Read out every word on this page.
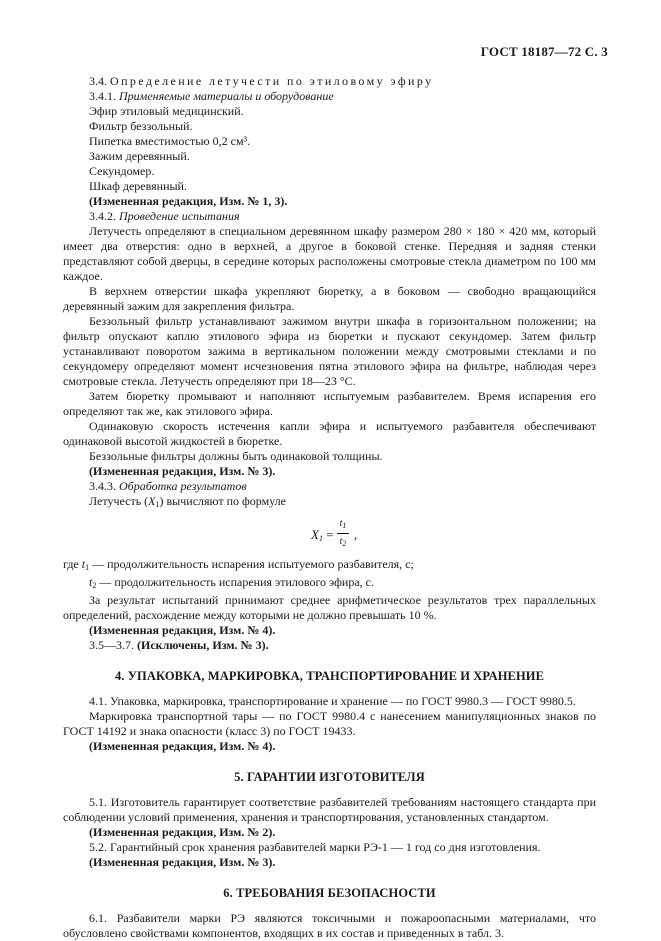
ГОСТ 18187—72 С. 3

3.4. Определение летучести по этиловому эфиру

3.4.1. Применяемые материалы и оборудование

Эфир этиловый медицинский.

Фильтр беззольный.

Пипетка вместимостью 0,2 см³.

Зажим деревянный.

Секундомер.

Шкаф деревянный.

(Измененная редакция, Изм. № 1, 3).

3.4.2. Проведение испытания

Летучесть определяют в специальном деревянном шкафу размером 280 × 180 × 420 мм, который имеет два отверстия: одно в верхней, а другое в боковой стенке. Передняя и задняя стенки представляют собой дверцы, в середине которых расположены смотровые стекла диаметром по 100 мм каждое.

В верхнем отверстии шкафа укрепляют бюретку, а в боковом — свободно вращающийся деревянный зажим для закрепления фильтра.

Беззольный фильтр устанавливают зажимом внутри шкафа в горизонтальном положении; на фильтр опускают каплю этилового эфира из бюретки и пускают секундомер. Затем фильтр устанавливают поворотом зажима в вертикальном положении между смотровыми стеклами и по секундомеру определяют момент исчезновения пятна этилового эфира на фильтре, наблюдая через смотровые стекла. Летучесть определяют при 18—23 °С.

Затем бюретку промывают и наполняют испытуемым разбавителем. Время испарения его определяют так же, как этилового эфира.

Одинаковую скорость истечения капли эфира и испытуемого разбавителя обеспечивают одинаковой высотой жидкостей в бюретке.

Беззольные фильтры должны быть одинаковой толщины.

(Измененная редакция, Изм. № 3).

3.4.3. Обработка результатов

Летучесть $(X_1)$ вычисляют по формуле

$X_1$ =
$t_1$
$t_2$
,

где $t_1$ — продолжительность испарения испытуемого разбавителя, с;

$t_2$ — продолжительность испарения этилового эфира, с.

За результат испытаний принимают среднее арифметическое результатов трех параллельных определений, расхождение между которыми не должно превышать 10 %.

(Измененная редакция, Изм. № 4).

3.5—3.7. (Исключены, Изм. № 3).

4. УПАКОВКА, МАРКИРОВКА, ТРАНСПОРТИРОВАНИЕ И ХРАНЕНИЕ

4.1. Упаковка, маркировка, транспортирование и хранение — по ГОСТ 9980.3 — ГОСТ 9980.5.

Маркировка транспортной тары — по ГОСТ 9980.4 с нанесением манипуляционных знаков по ГОСТ 14192 и знака опасности (класс 3) по ГОСТ 19433.

(Измененная редакция, Изм. № 4).

5. ГАРАНТИИ ИЗГОТОВИТЕЛЯ

5.1. Изготовитель гарантирует соответствие разбавителей требованиям настоящего стандарта при соблюдении условий применения, хранения и транспортирования, установленных стандартом.

(Измененная редакция, Изм. № 2).

5.2. Гарантийный срок хранения разбавителей марки РЭ-1 — 1 год со дня изготовления.

(Измененная редакция, Изм. № 3).

6. ТРЕБОВАНИЯ БЕЗОПАСНОСТИ

6.1. Разбавители марки РЭ являются токсичными и пожароопасными материалами, что обусловлено свойствами компонентов, входящих в их состав и приведенных в табл. 3.
